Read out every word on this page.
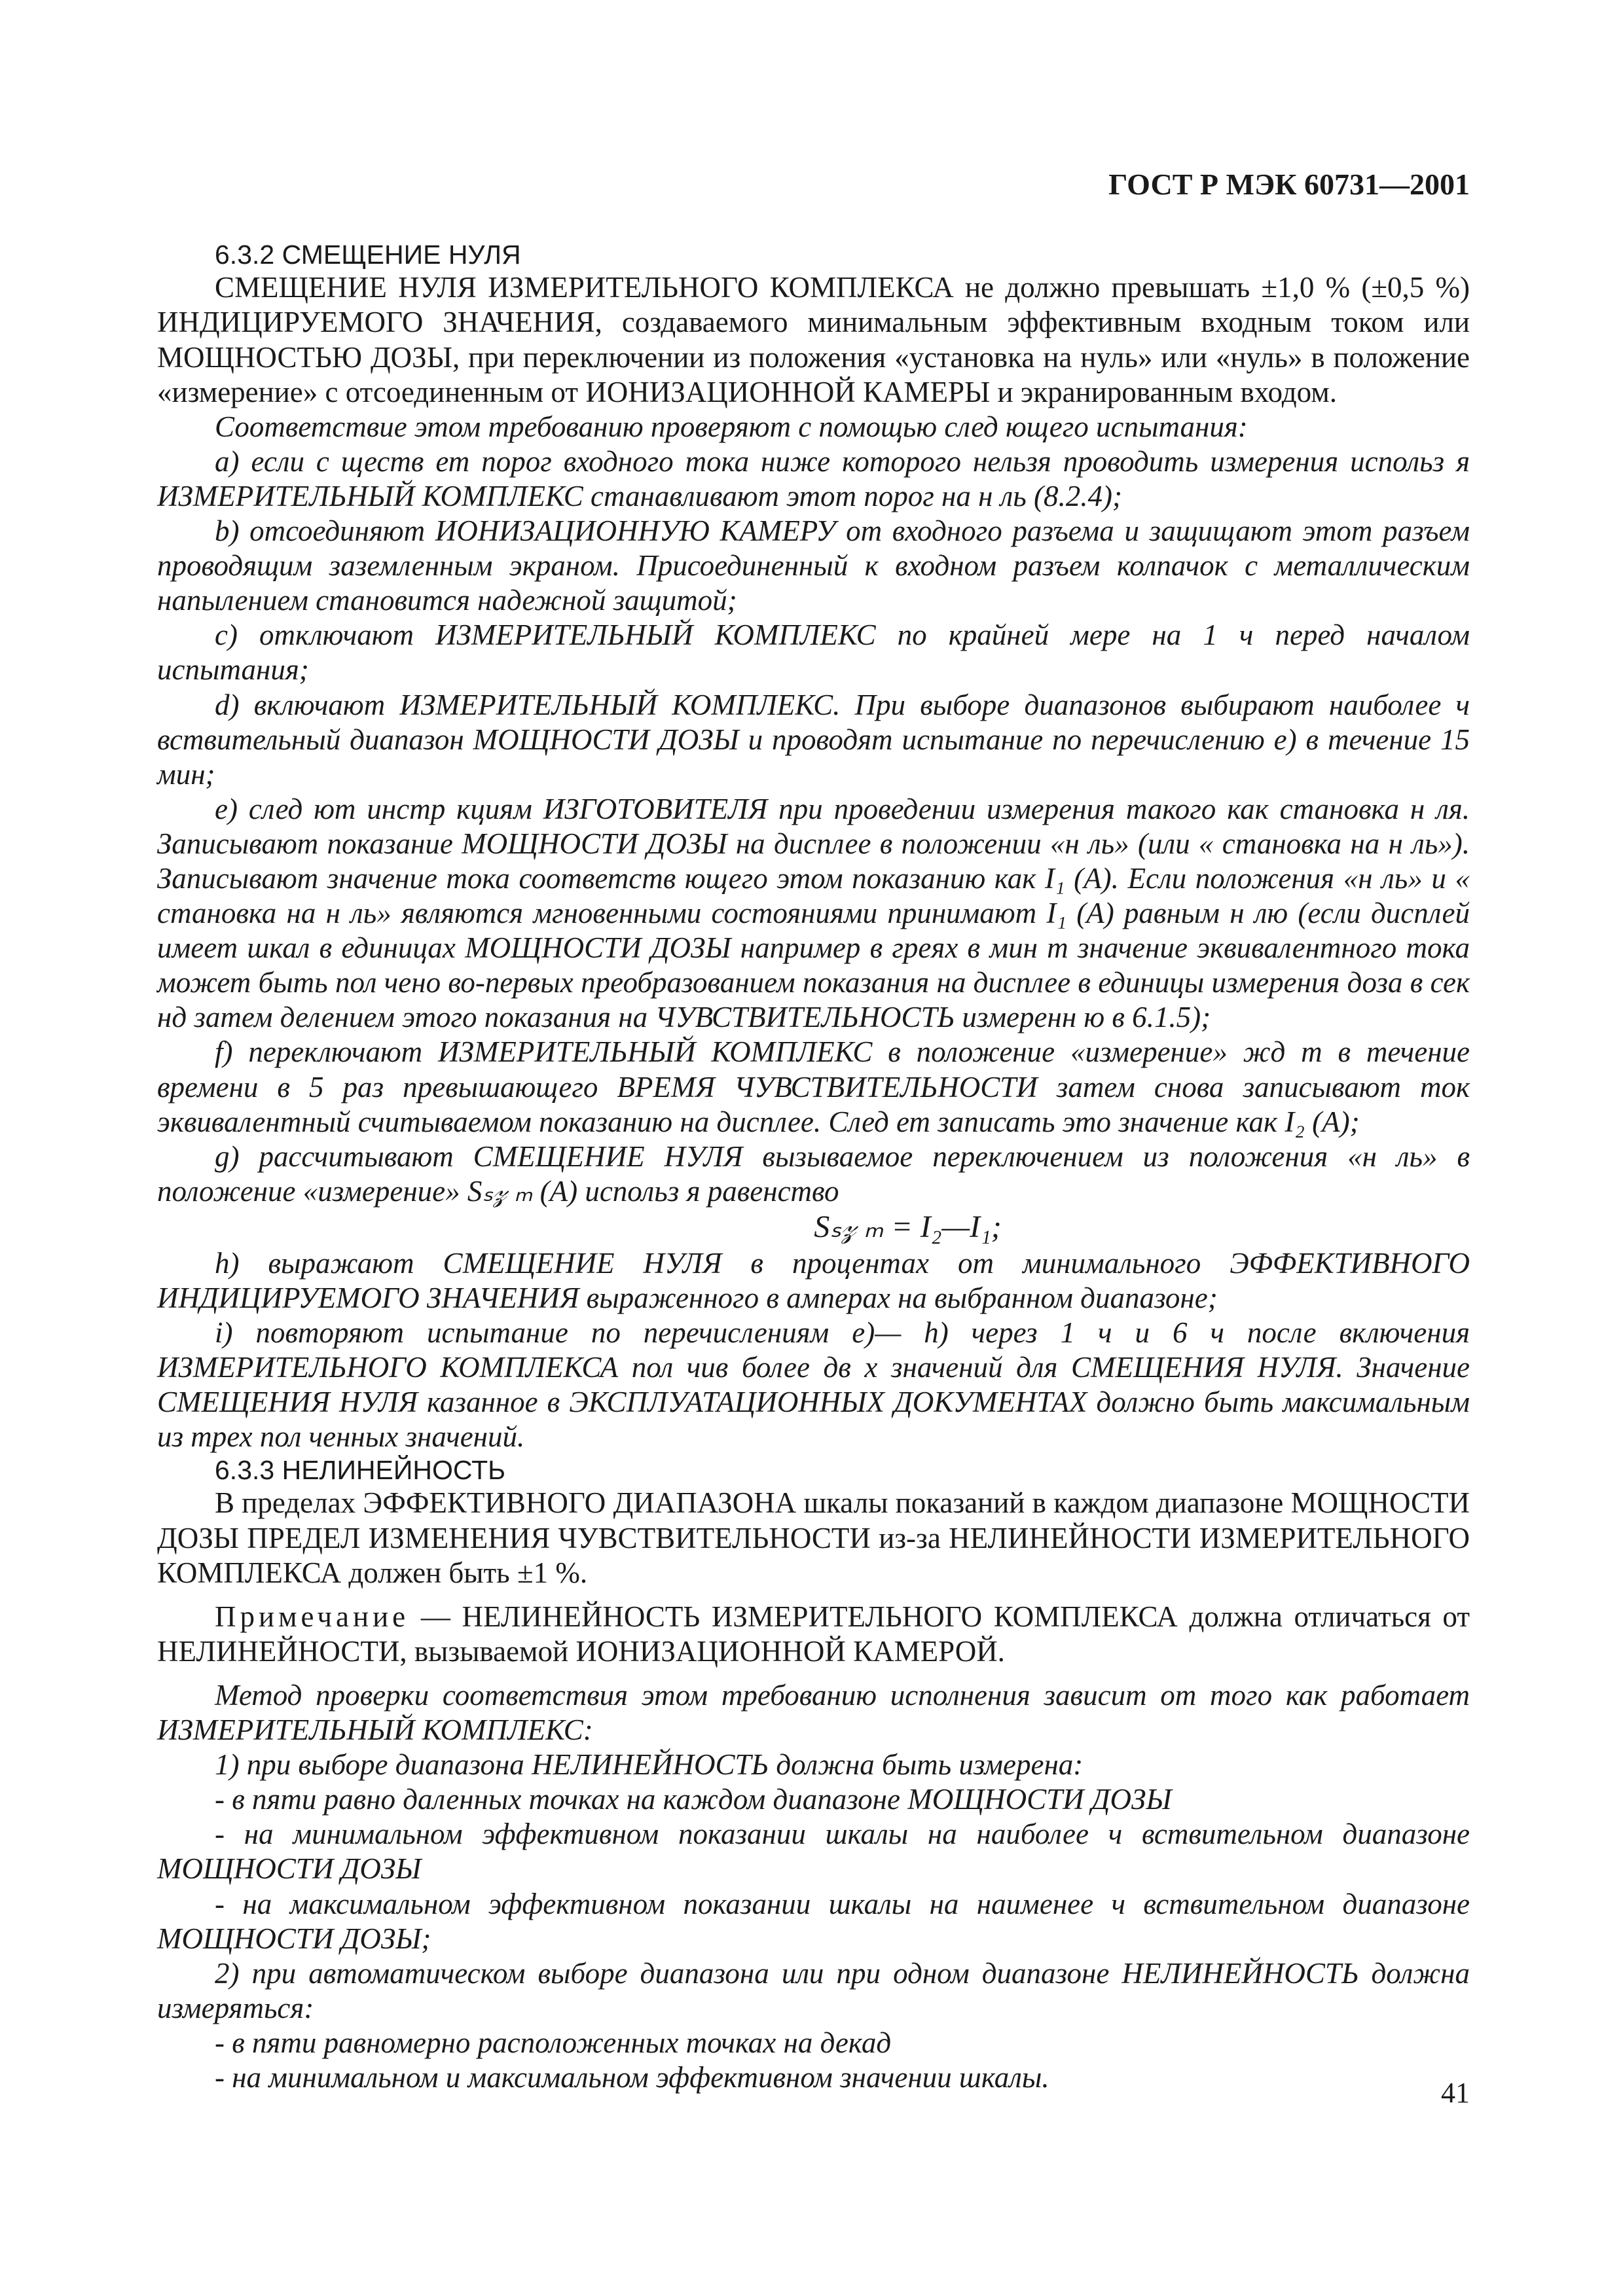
ГОСТ Р МЭК 60731—2001

6.3.2 СМЕЩЕНИЕ НУЛЯ

СМЕЩЕНИЕ НУЛЯ ИЗМЕРИТЕЛЬНОГО КОМПЛЕКСА не должно превышать ±1,0 % (±0,5 %) ИНДИЦИРУЕМОГО ЗНАЧЕНИЯ, создаваемого минимальным эффективным входным током или МОЩНОСТЬЮ ДОЗЫ, при переключении из положения «установка на нуль» или «нуль» в положение «измерение» с отсоединенным от ИОНИЗАЦИОННОЙ КАМЕРЫ и экранированным входом.

Соответствие этом требованию проверяют с помощью след ющего испытания:

а) если с ществ ет порог входного тока ниже которого нельзя проводить измерения использ я ИЗМЕРИТЕЛЬНЫЙ КОМПЛЕКС станавливают этот порог на н ль (8.2.4);

b) отсоединяют ИОНИЗАЦИОННУЮ КАМЕРУ от входного разъема и защищают этот разъем проводящим заземленным экраном. Присоединенный к входном разъем колпачок с металлическим напылением становится надежной защитой;

с) отключают ИЗМЕРИТЕЛЬНЫЙ КОМПЛЕКС по крайней мере на 1 ч перед началом испытания;

d) включают ИЗМЕРИТЕЛЬНЫЙ КОМПЛЕКС. При выборе диапазонов выбирают наиболее ч вствительный диапазон МОЩНОСТИ ДОЗЫ и проводят испытание по перечислению е) в течение 15 мин;

е) след ют инстр кциям ИЗГОТОВИТЕЛЯ при проведении измерения такого как становка н ля. Записывают показание МОЩНОСТИ ДОЗЫ на дисплее в положении «н ль» (или « становка на н ль»). Записывают значение тока соответств ющего этом показанию как I₁ (А). Если положения «н ль» и « становка на н ль» являются мгновенными состояниями принимают I₁ (А) равным н лю (если дисплей имеет шкал в единицах МОЩНОСТИ ДОЗЫ например в греях в мин т значение эквивалентного тока может быть пол чено во-первых преобразованием показания на дисплее в единицы измерения доза в сек нд затем делением этого показания на ЧУВСТВИТЕЛЬНОСТЬ измеренн ю в 6.1.5);

f) переключают ИЗМЕРИТЕЛЬНЫЙ КОМПЛЕКС в положение «измерение» жд т в течение времени в 5 раз превышающего ВРЕМЯ ЧУВСТВИТЕЛЬНОСТИ затем снова записывают ток эквивалентный считываемом показанию на дисплее. След ет записать это значение как I₂ (А);

g) рассчитывают СМЕЩЕНИЕ НУЛЯ вызываемое переключением из положения «н ль» в положение «измерение» Sₛ𝓏 ₘ (А) использ я равенство

Sₛ𝓏 ₘ = I₂—I₁;

h) выражают СМЕЩЕНИЕ НУЛЯ в процентах от минимального ЭФФЕКТИВНОГО ИНДИЦИРУЕМОГО ЗНАЧЕНИЯ выраженного в амперах на выбранном диапазоне;

i) повторяют испытание по перечислениям е)— h) через 1 ч и 6 ч после включения ИЗМЕРИТЕЛЬНОГО КОМПЛЕКСА пол чив более дв х значений для СМЕЩЕНИЯ НУЛЯ. Значение СМЕЩЕНИЯ НУЛЯ казанное в ЭКСПЛУАТАЦИОННЫХ ДОКУМЕНТАХ должно быть максимальным из трех пол ченных значений.

6.3.3 НЕЛИНЕЙНОСТЬ

В пределах ЭФФЕКТИВНОГО ДИАПАЗОНА шкалы показаний в каждом диапазоне МОЩНОСТИ ДОЗЫ ПРЕДЕЛ ИЗМЕНЕНИЯ ЧУВСТВИТЕЛЬНОСТИ из-за НЕЛИНЕЙНОСТИ ИЗМЕРИТЕЛЬНОГО КОМПЛЕКСА должен быть ±1 %.

Примечание — НЕЛИНЕЙНОСТЬ ИЗМЕРИТЕЛЬНОГО КОМПЛЕКСА должна отличаться от НЕЛИНЕЙНОСТИ, вызываемой ИОНИЗАЦИОННОЙ КАМЕРОЙ.

Метод проверки соответствия этом требованию исполнения зависит от того как работает ИЗМЕРИТЕЛЬНЫЙ КОМПЛЕКС:

1) при выборе диапазона НЕЛИНЕЙНОСТЬ должна быть измерена:

- в пяти равно даленных точках на каждом диапазоне МОЩНОСТИ ДОЗЫ

- на минимальном эффективном показании шкалы на наиболее ч вствительном диапазоне МОЩНОСТИ ДОЗЫ

- на максимальном эффективном показании шкалы на наименее ч вствительном диапазоне МОЩНОСТИ ДОЗЫ;

2) при автоматическом выборе диапазона или при одном диапазоне НЕЛИНЕЙНОСТЬ должна измеряться:

- в пяти равномерно расположенных точках на декад

- на минимальном и максимальном эффективном значении шкалы.	41
